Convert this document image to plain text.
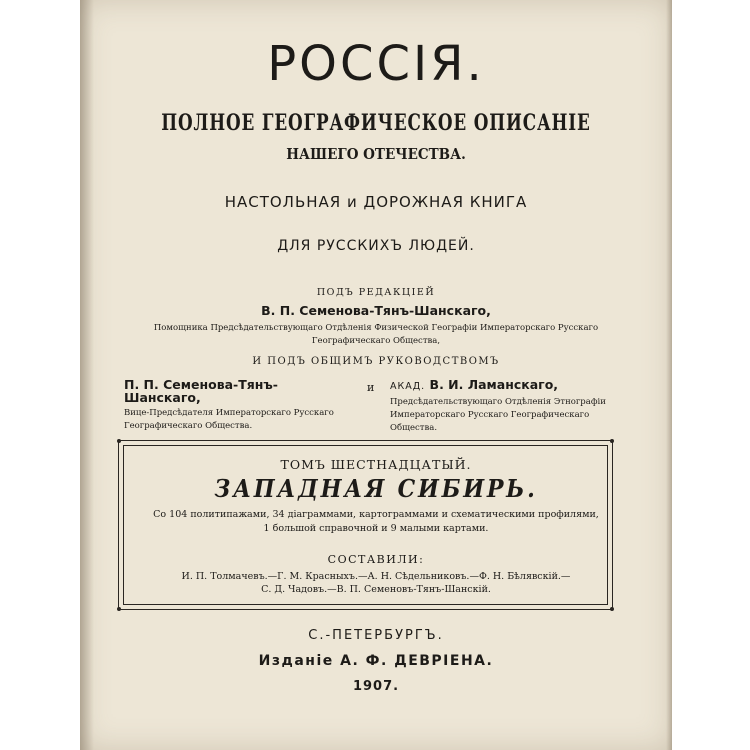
РОССІЯ.
ПОЛНОЕ ГЕОГРАФИЧЕСКОЕ ОПИСАНІЕ
НАШЕГО ОТЕЧЕСТВА.
НАСТОЛЬНАЯ и ДОРОЖНАЯ КНИГА
ДЛЯ РУССКИХЪ ЛЮДЕЙ.
ПОДЪ РЕДАКЦІЕЙ
В. П. Семенова-Тянъ-Шанскаго,
Помощника Предсѣдательствующаго Отдѣленія Физической Географіи Императорскаго Русскаго Географическаго Общества,
И ПОДЪ ОБЩИМЪ РУКОВОДСТВОМЪ
П. П. Семенова-Тянъ-Шанскаго,
Вице-Предсѣдателя Императорскаго Русскаго Географическаго Общества.
и АКАД. В. И. Ламанскаго,
Предсѣдательствующаго Отдѣленія Этнографіи Императорскаго Русскаго Географическаго Общества.
ТОМЪ ШЕСТНАДЦАТЫЙ.
ЗАПАДНАЯ СИБИРЬ.
Со 104 политипажами, 34 діаграммами, картограммами и схематическими профилями,
1 большой справочной и 9 малыми картами.
СОСТАВИЛИ:
И. П. Толмачевъ.—Г. М. Красныхъ.—А. Н. Сѣдельниковъ.—Ф. Н. Бѣлявскій.—
С. Д. Чадовъ.—В. П. Семеновъ-Тянъ-Шанскій.
С.-ПЕТЕРБУРГЪ.
Изданіе А. Ф. ДЕВРІЕНА.
1907.
